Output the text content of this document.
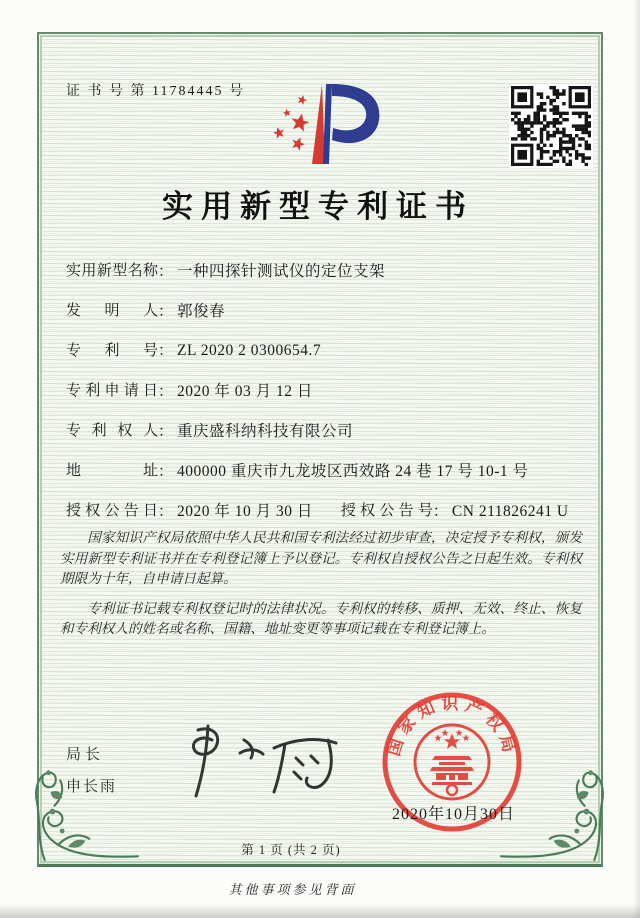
证 书 号 第 11784445 号
实用新型专利证书
实用新型名称： 一种四探针测试仪的定位支架
发明人： 郭俊春
专利号： ZL 2020 2 0300654.7
专利申请日： 2020 年 03 月 12 日
专利权人： 重庆盛科纳科技有限公司
地址： 400000 重庆市九龙坡区西效路 24 巷 17 号 10-1 号
授权公告日： 2020 年 10 月 30 日 授权公告号： CN 211826241 U

国家知识产权局依照中华人民共和国专利法经过初步审查，决定授予专利权，颁发实用新型专利证书并在专利登记簿上予以登记。专利权自授权公告之日起生效。专利权期限为十年，自申请日起算。

专利证书记载专利权登记时的法律状况。专利权的转移、质押、无效、终止、恢复和专利权人的姓名或名称、国籍、地址变更等事项记载在专利登记簿上。

局长
申长雨
国家知识产权局
2020年10月30日
第 1 页 (共 2 页)
其他事项参见背面
